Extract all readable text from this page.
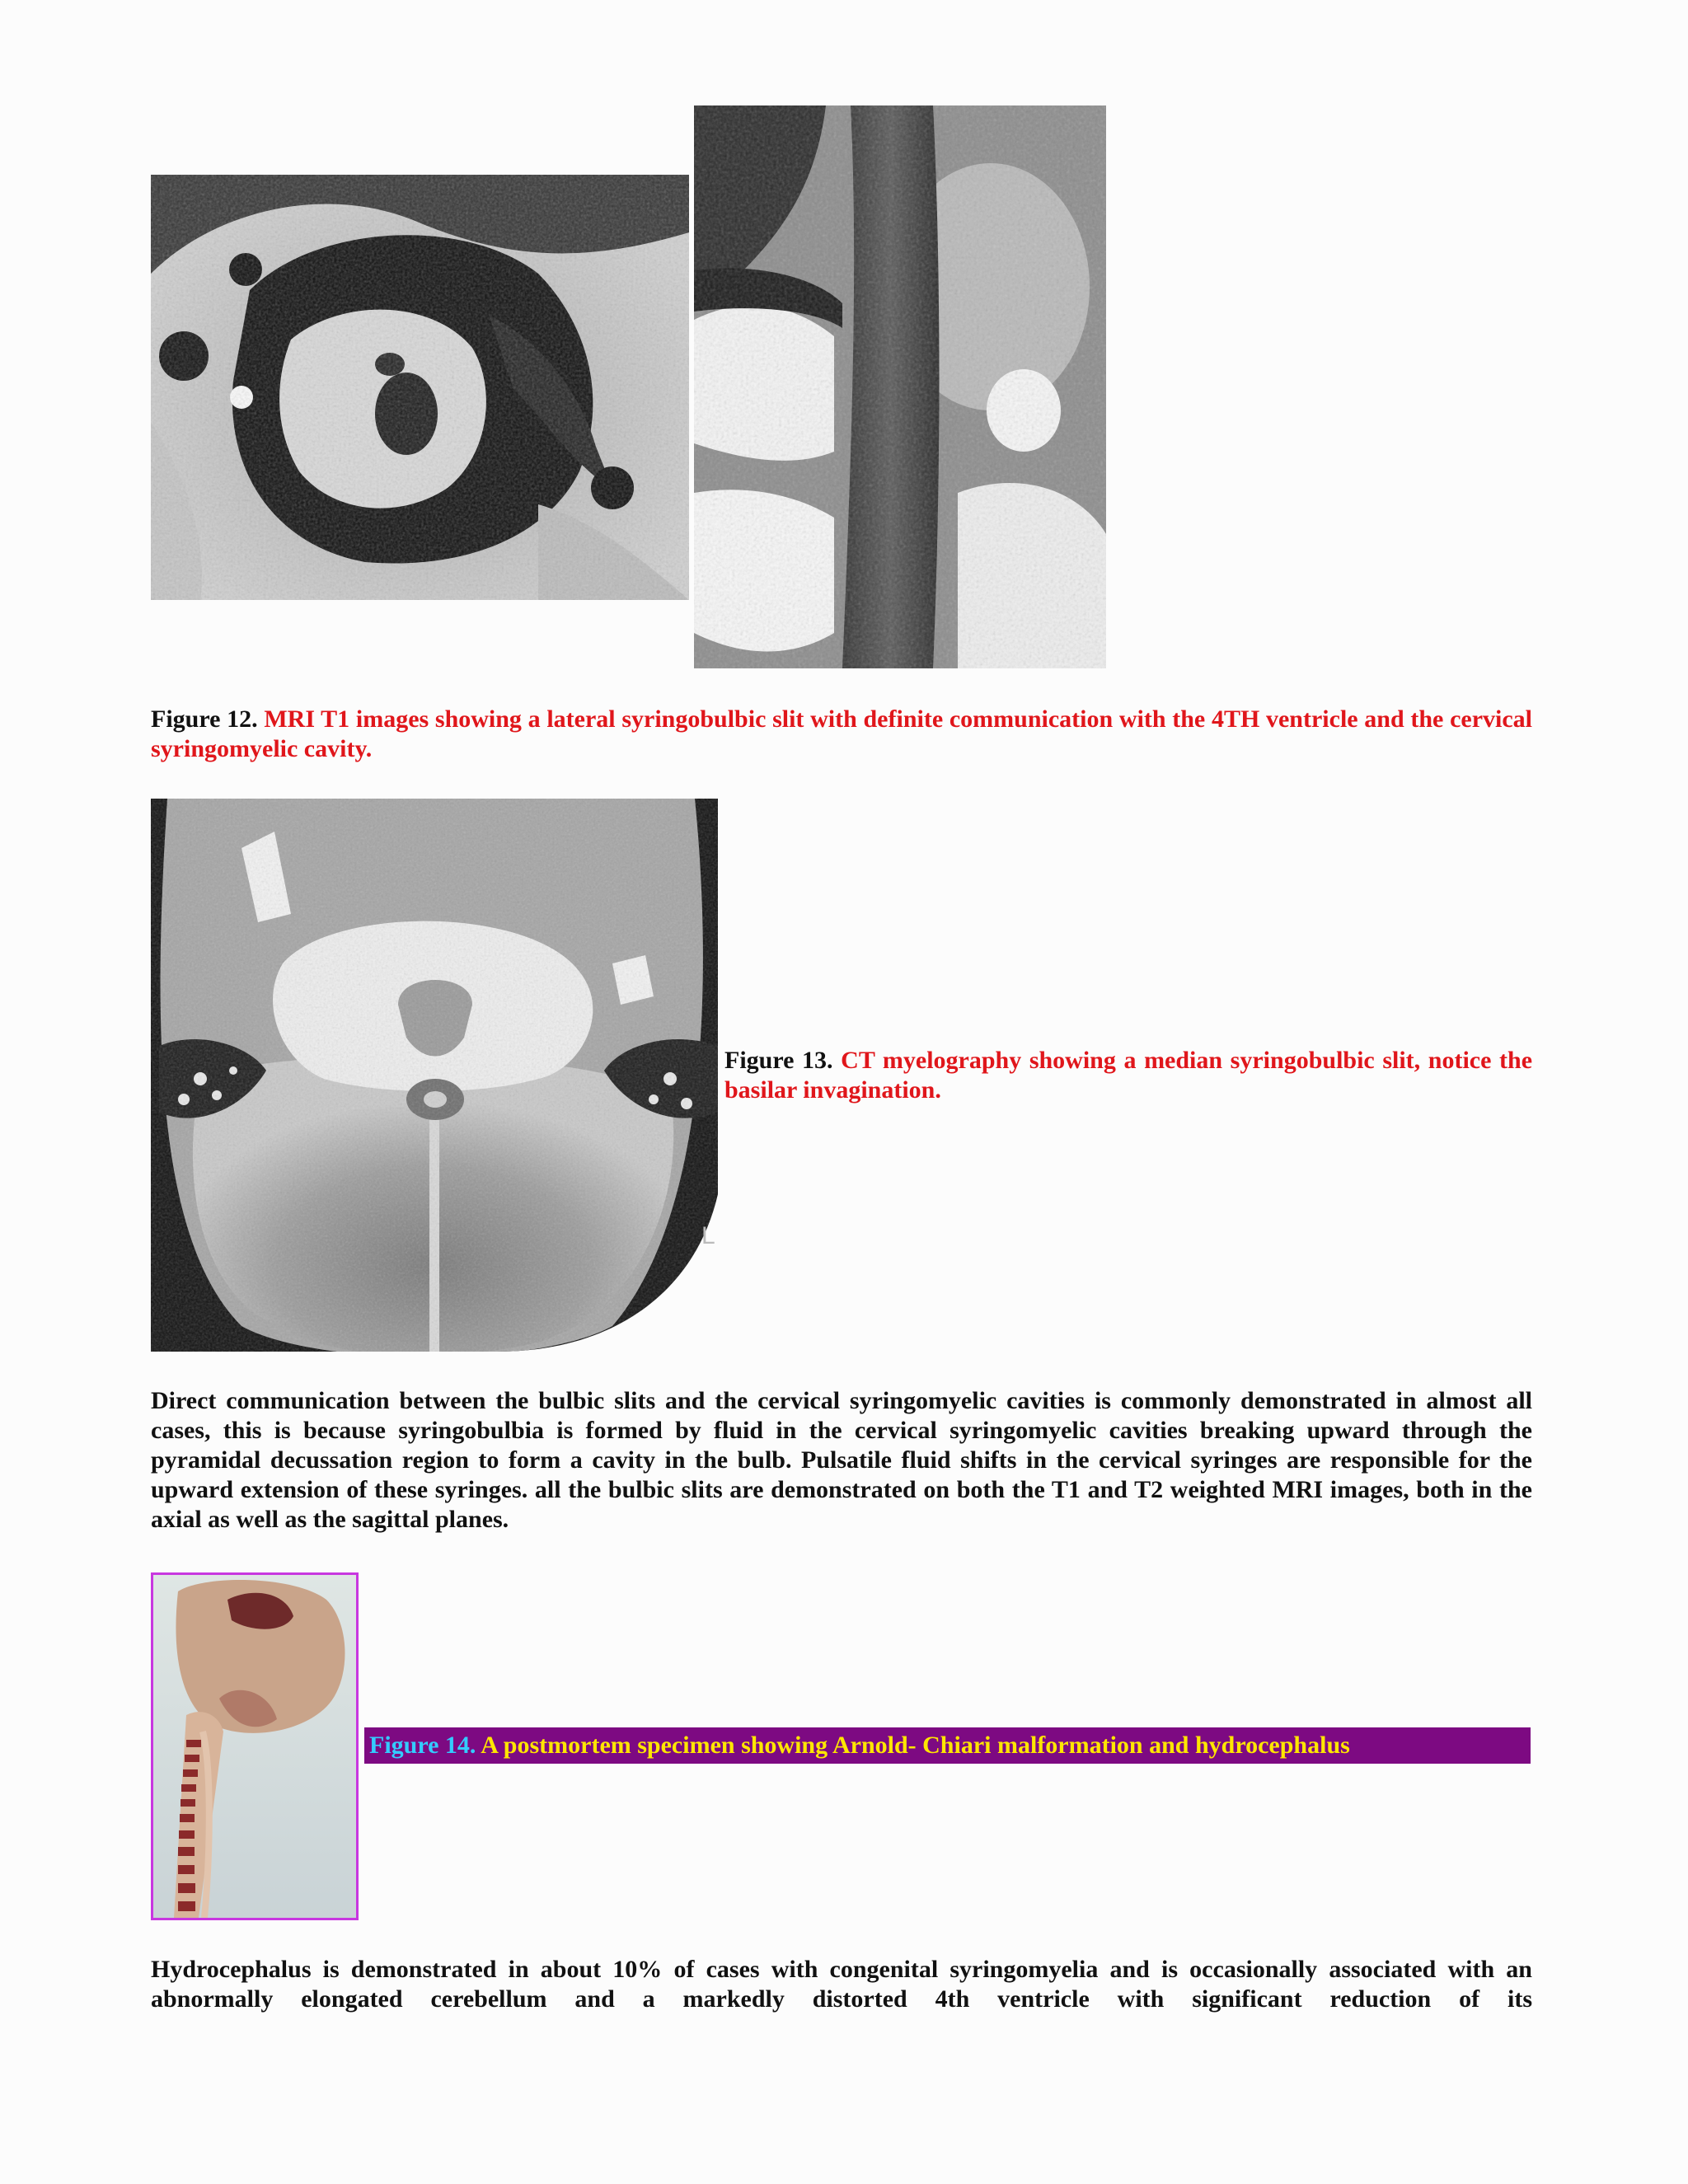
Figure 12. MRI T1 images showing a lateral syringobulbic slit with definite communication with the 4TH ventricle and the cervical syringomyelic cavity.
L
Figure 13. CT myelography showing a median syringobulbic slit, notice the basilar invagination.
Direct communication between the bulbic slits and the cervical syringomyelic cavities is commonly demonstrated in almost all cases, this is because syringobulbia is formed by fluid in the cervical syringomyelic cavities breaking upward through the pyramidal decussation region to form a cavity in the bulb. Pulsatile fluid shifts in the cervical syringes are responsible for the upward extension of these syringes. all the bulbic slits are demonstrated on both the T1 and T2 weighted MRI images, both in the axial as well as the sagittal planes.
Figure 14. A postmortem specimen showing Arnold- Chiari malformation and hydrocephalus
Hydrocephalus is demonstrated in about 10% of cases with congenital syringomyelia and is occasionally associated with an abnormally elongated cerebellum and a markedly distorted 4th ventricle with significant reduction of its
